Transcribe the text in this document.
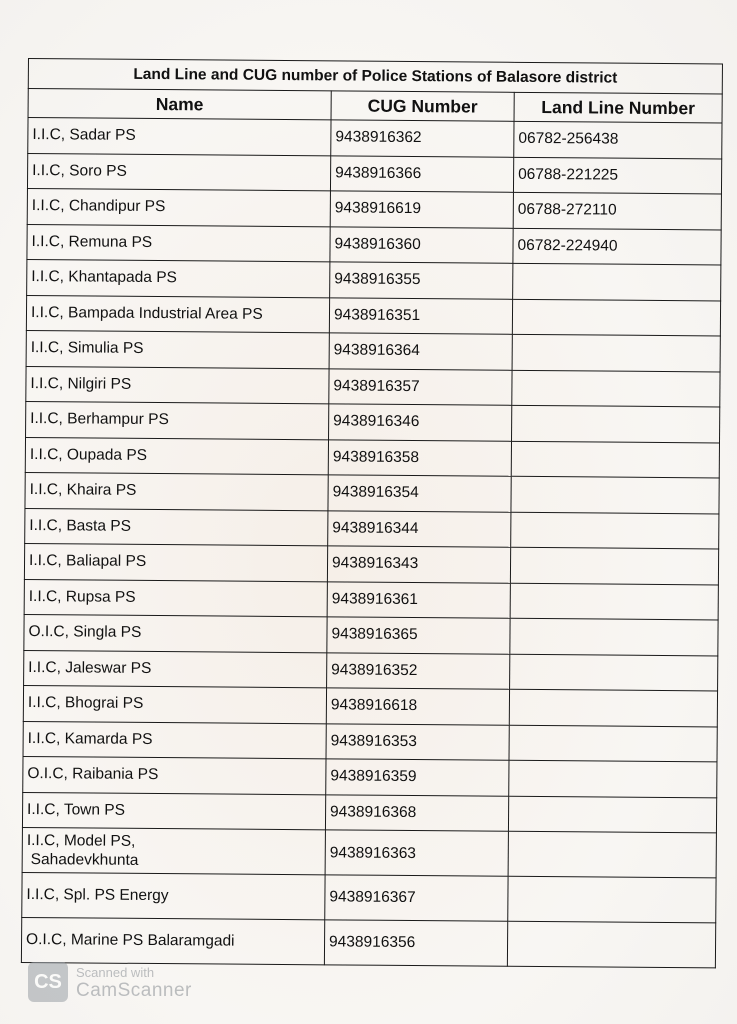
Land Line and CUG number of Police Stations of Balasore district		
Name	CUG Number	Land Line Number
I.I.C, Sadar PS	9438916362	06782-256438
I.I.C, Soro PS	9438916366	06788-221225
I.I.C, Chandipur PS	9438916619	06788-272110
I.I.C, Remuna PS	9438916360	06782-224940
I.I.C, Khantapada PS	9438916355	
I.I.C, Bampada Industrial Area PS	9438916351	
I.I.C, Simulia PS	9438916364	
I.I.C, Nilgiri PS	9438916357	
I.I.C, Berhampur PS	9438916346	
I.I.C, Oupada PS	9438916358	
I.I.C, Khaira PS	9438916354	
I.I.C, Basta PS	9438916344	
I.I.C, Baliapal PS	9438916343	
I.I.C, Rupsa PS	9438916361	
O.I.C, Singla PS	9438916365	
I.I.C, Jaleswar PS	9438916352	
I.I.C, Bhograi PS	9438916618	
I.I.C, Kamarda PS	9438916353	
O.I.C, Raibania PS	9438916359	
I.I.C, Town PS	9438916368	

I.I.C, Model PS,
Sahadevkhunta	9438916363	
I.I.C, Spl. PS Energy	9438916367	
O.I.C, Marine PS Balaramgadi	9438916356	
CS	Scanned with
CamScanner
